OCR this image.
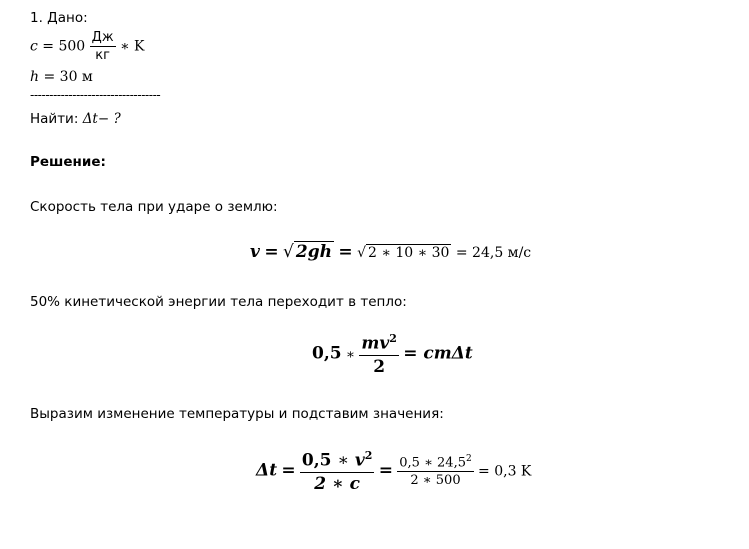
1. Дано:
$c = 500 \frac{Дж}{кг}$ ∗ K
h = 30 м
----------------------------------
Найти: Δt− ?
Решение:
Скорость тела при ударе о землю:
v = √ 2gh = √ 2 ∗ 10 ∗ 30 = 24,5 м/с
50% кинетической энергии тела переходит в тепло:
0,5 ∗ $\frac{mv^2}{2} = cm\Delta t$
Выразим изменение температуры и подставим значения:
$\Delta t = \frac{0,5 ∗ v^2}{2 ∗ c} = \frac{0,5 ∗ 24,5^2}{2 ∗ 500} = 0,3$ K
